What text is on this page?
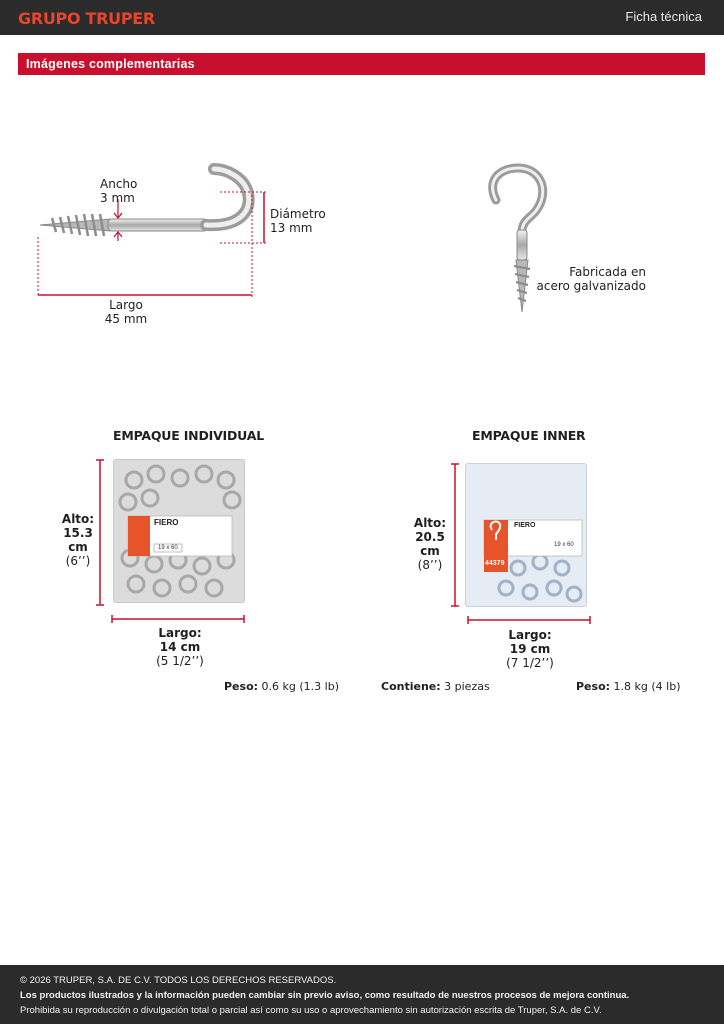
GRUPO TRUPER	Ficha técnica
Imágenes complementarias
Ancho
3 mm
Diámetro
13 mm
Largo
45 mm
Fabricada en
acero galvanizado
EMPAQUE INDIVIDUAL
FIERO
19 x 60
Alto:
15.3 cm
(6’’)
Largo:
14 cm
(5 1/2’’)
Peso: 0.6 kg (1.3 lb)
EMPAQUE INNER
FIERO
19 x 60
44379
Alto:
20.5 cm
(8’’)
Largo:
19 cm
(7 1/2’’)
Contiene: 3 piezas	Peso: 1.8 kg (4 lb)
© 2026 TRUPER, S.A. DE C.V. TODOS LOS DERECHOS RESERVADOS.
Los productos ilustrados y la información pueden cambiar sin previo aviso, como resultado de nuestros procesos de mejora continua.
Prohibida su reproducción o divulgación total o parcial así como su uso o aprovechamiento sin autorización escrita de Truper, S.A. de C.V.
